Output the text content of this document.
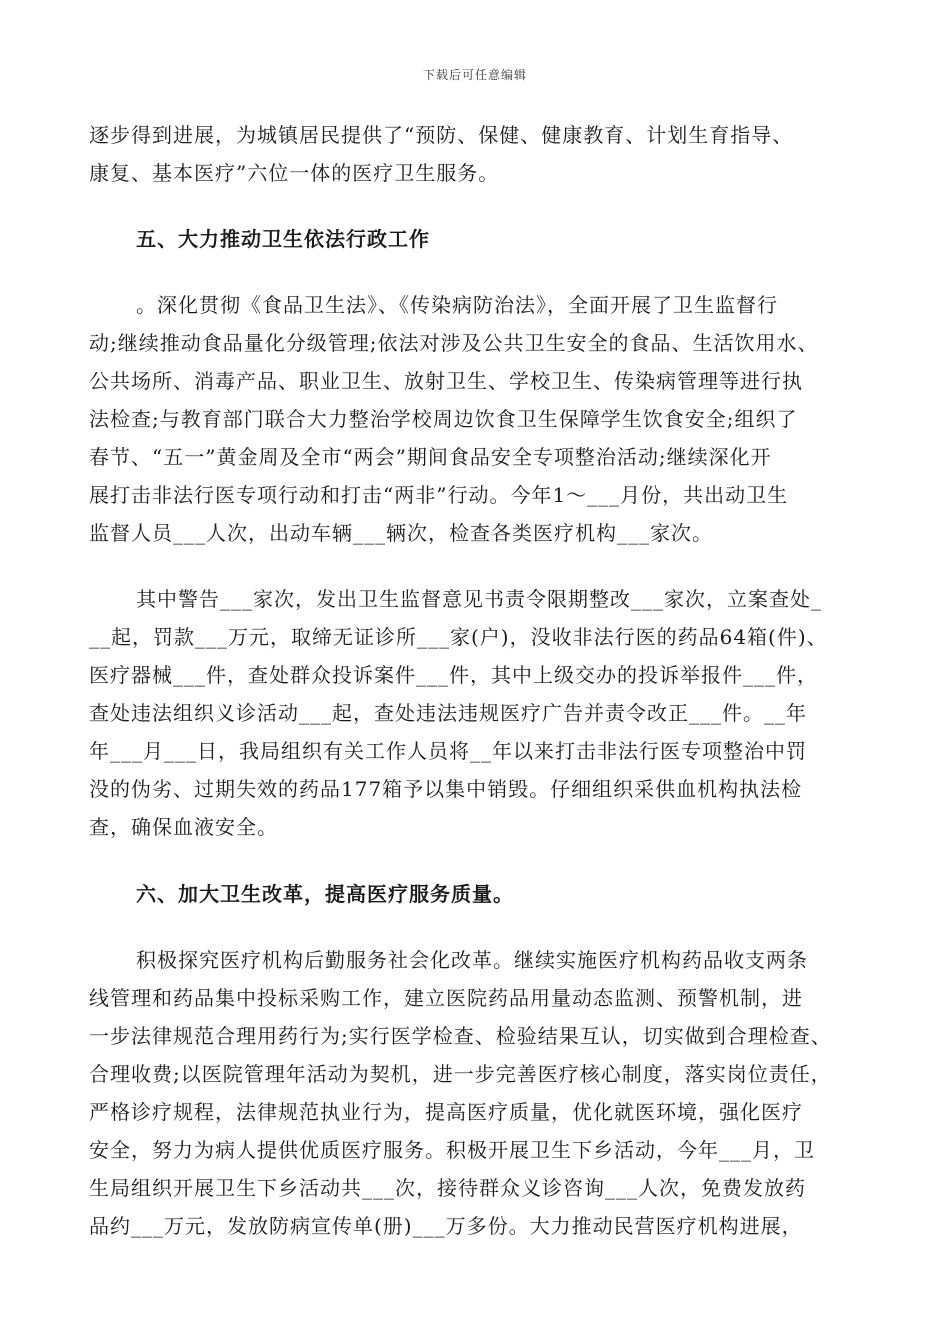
下载后可任意编辑
逐步得到进展，为城镇居民提供了“预防、保健、健康教育、计划生育指导、
康复、基本医疗”六位一体的医疗卫生服务。
五、大力推动卫生依法行政工作
。深化贯彻《食品卫生法》、《传染病防治法》，全面开展了卫生监督行
动;继续推动食品量化分级管理;依法对涉及公共卫生安全的食品、生活饮用水、
公共场所、消毒产品、职业卫生、放射卫生、学校卫生、传染病管理等进行执
法检查;与教育部门联合大力整治学校周边饮食卫生保障学生饮食安全;组织了
春节、“五一”黄金周及全市“两会”期间食品安全专项整治活动;继续深化开
展打击非法行医专项行动和打击“两非”行动。今年1～___月份，共出动卫生
监督人员___人次，出动车辆___辆次，检查各类医疗机构___家次。
其中警告___家次，发出卫生监督意见书责令限期整改___家次，立案查处_
__起，罚款___万元，取缔无证诊所___家(户)，没收非法行医的药品64箱(件)、
医疗器械___件，查处群众投诉案件___件，其中上级交办的投诉举报件___件，
查处违法组织义诊活动___起，查处违法违规医疗广告并责令改正___件。__年
年___月___日，我局组织有关工作人员将__年以来打击非法行医专项整治中罚
没的伪劣、过期失效的药品177箱予以集中销毁。仔细组织采供血机构执法检
查，确保血液安全。
六、加大卫生改革，提高医疗服务质量。
积极探究医疗机构后勤服务社会化改革。继续实施医疗机构药品收支两条
线管理和药品集中投标采购工作，建立医院药品用量动态监测、预警机制，进
一步法律规范合理用药行为;实行医学检查、检验结果互认，切实做到合理检查、
合理收费;以医院管理年活动为契机，进一步完善医疗核心制度，落实岗位责任，
严格诊疗规程，法律规范执业行为，提高医疗质量，优化就医环境，强化医疗
安全，努力为病人提供优质医疗服务。积极开展卫生下乡活动，今年___月，卫
生局组织开展卫生下乡活动共___次，接待群众义诊咨询___人次，免费发放药
品约___万元，发放防病宣传单(册)___万多份。大力推动民营医疗机构进展，
